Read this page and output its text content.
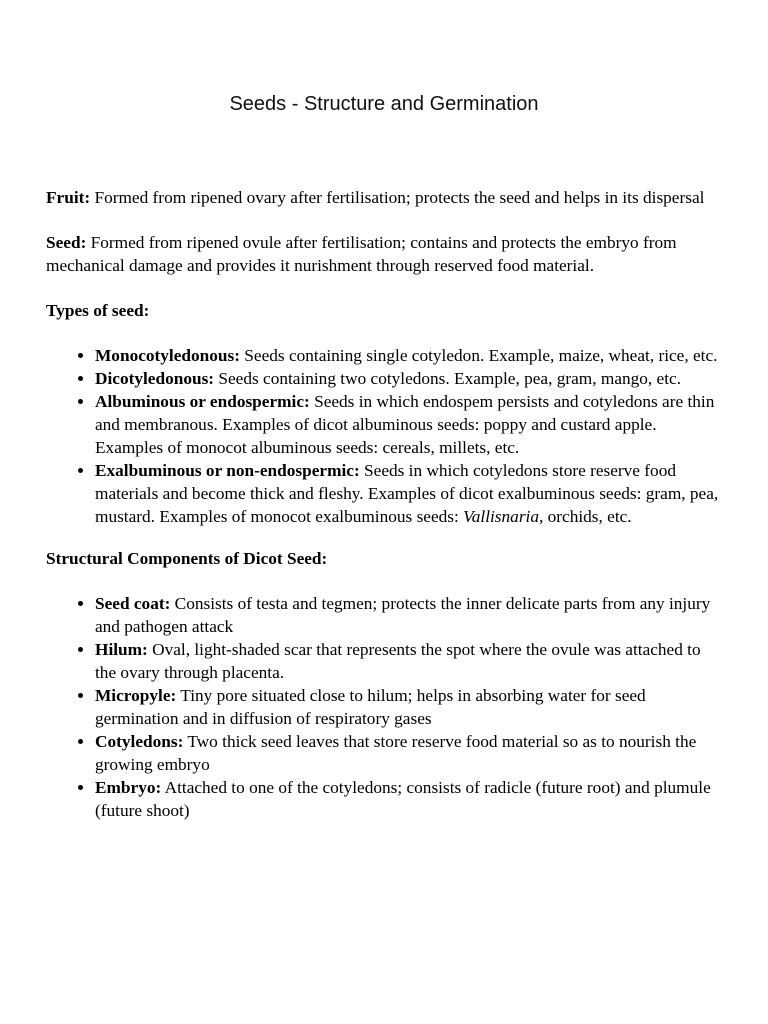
Seeds - Structure and Germination

Fruit: Formed from ripened ovary after fertilisation; protects the seed and helps in its dispersal

Seed: Formed from ripened ovule after fertilisation; contains and protects the embryo from mechanical damage and provides it nurishment through reserved food material.

Types of seed:

• Monocotyledonous: Seeds containing single cotyledon. Example, maize, wheat, rice, etc.
• Dicotyledonous: Seeds containing two cotyledons. Example, pea, gram, mango, etc.
• Albuminous or endospermic: Seeds in which endospem persists and cotyledons are thin and membranous. Examples of dicot albuminous seeds: poppy and custard apple. Examples of monocot albuminous seeds: cereals, millets, etc.
• Exalbuminous or non-endospermic: Seeds in which cotyledons store reserve food materials and become thick and fleshy. Examples of dicot exalbuminous seeds: gram, pea, mustard. Examples of monocot exalbuminous seeds: Vallisnaria, orchids, etc.

Structural Components of Dicot Seed:

• Seed coat: Consists of testa and tegmen; protects the inner delicate parts from any injury and pathogen attack
• Hilum: Oval, light-shaded scar that represents the spot where the ovule was attached to the ovary through placenta.
• Micropyle: Tiny pore situated close to hilum; helps in absorbing water for seed germination and in diffusion of respiratory gases
• Cotyledons: Two thick seed leaves that store reserve food material so as to nourish the growing embryo
• Embryo: Attached to one of the cotyledons; consists of radicle (future root) and plumule (future shoot)
